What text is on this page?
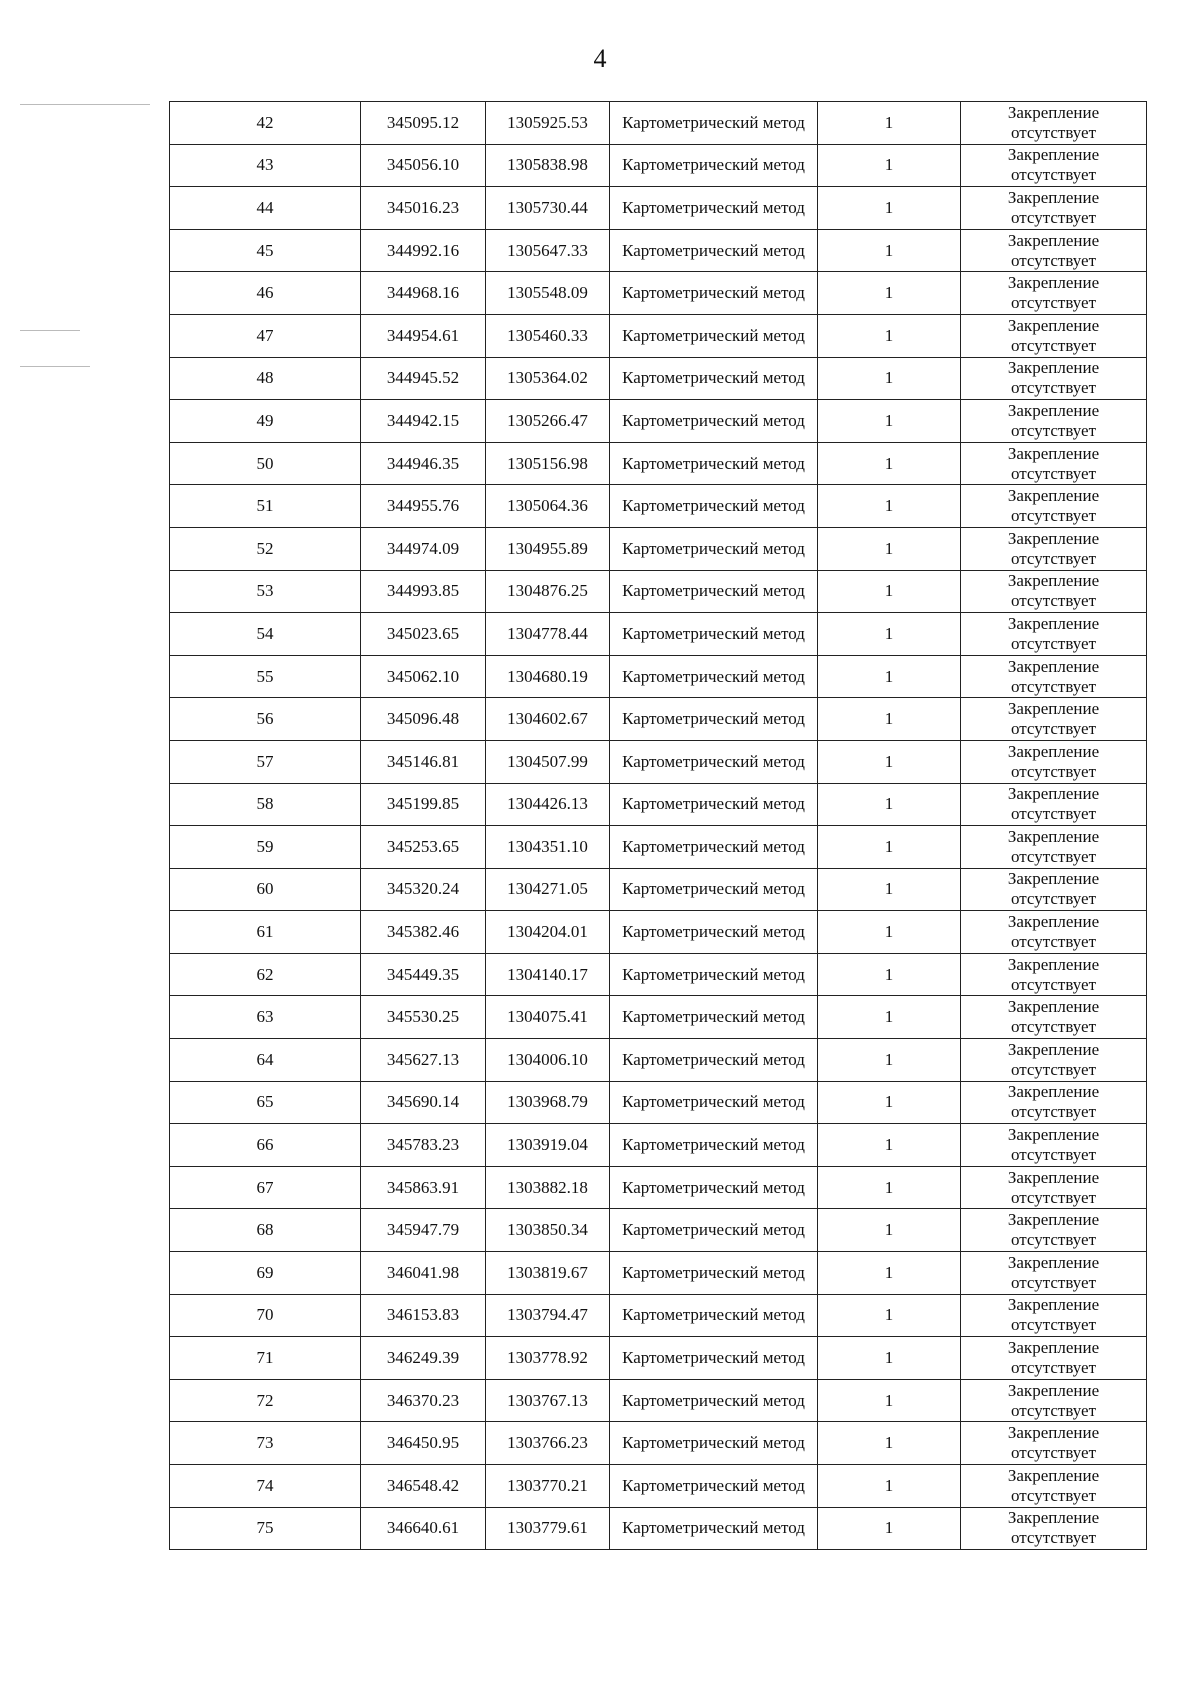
4
42	345095.12	1305925.53	Картометрический метод	1	Закрепление
отсутствует

43	345056.10	1305838.98	Картометрический метод	1	Закрепление
отсутствует

44	345016.23	1305730.44	Картометрический метод	1	Закрепление
отсутствует

45	344992.16	1305647.33	Картометрический метод	1	Закрепление
отсутствует

46	344968.16	1305548.09	Картометрический метод	1	Закрепление
отсутствует

47	344954.61	1305460.33	Картометрический метод	1	Закрепление
отсутствует

48	344945.52	1305364.02	Картометрический метод	1	Закрепление
отсутствует

49	344942.15	1305266.47	Картометрический метод	1	Закрепление
отсутствует

50	344946.35	1305156.98	Картометрический метод	1	Закрепление
отсутствует

51	344955.76	1305064.36	Картометрический метод	1	Закрепление
отсутствует

52	344974.09	1304955.89	Картометрический метод	1	Закрепление
отсутствует

53	344993.85	1304876.25	Картометрический метод	1	Закрепление
отсутствует

54	345023.65	1304778.44	Картометрический метод	1	Закрепление
отсутствует

55	345062.10	1304680.19	Картометрический метод	1	Закрепление
отсутствует

56	345096.48	1304602.67	Картометрический метод	1	Закрепление
отсутствует

57	345146.81	1304507.99	Картометрический метод	1	Закрепление
отсутствует

58	345199.85	1304426.13	Картометрический метод	1	Закрепление
отсутствует

59	345253.65	1304351.10	Картометрический метод	1	Закрепление
отсутствует

60	345320.24	1304271.05	Картометрический метод	1	Закрепление
отсутствует

61	345382.46	1304204.01	Картометрический метод	1	Закрепление
отсутствует

62	345449.35	1304140.17	Картометрический метод	1	Закрепление
отсутствует

63	345530.25	1304075.41	Картометрический метод	1	Закрепление
отсутствует

64	345627.13	1304006.10	Картометрический метод	1	Закрепление
отсутствует

65	345690.14	1303968.79	Картометрический метод	1	Закрепление
отсутствует

66	345783.23	1303919.04	Картометрический метод	1	Закрепление
отсутствует

67	345863.91	1303882.18	Картометрический метод	1	Закрепление
отсутствует

68	345947.79	1303850.34	Картометрический метод	1	Закрепление
отсутствует

69	346041.98	1303819.67	Картометрический метод	1	Закрепление
отсутствует

70	346153.83	1303794.47	Картометрический метод	1	Закрепление
отсутствует

71	346249.39	1303778.92	Картометрический метод	1	Закрепление
отсутствует

72	346370.23	1303767.13	Картометрический метод	1	Закрепление
отсутствует

73	346450.95	1303766.23	Картометрический метод	1	Закрепление
отсутствует

74	346548.42	1303770.21	Картометрический метод	1	Закрепление
отсутствует

75	346640.61	1303779.61	Картометрический метод	1	Закрепление
отсутствует
